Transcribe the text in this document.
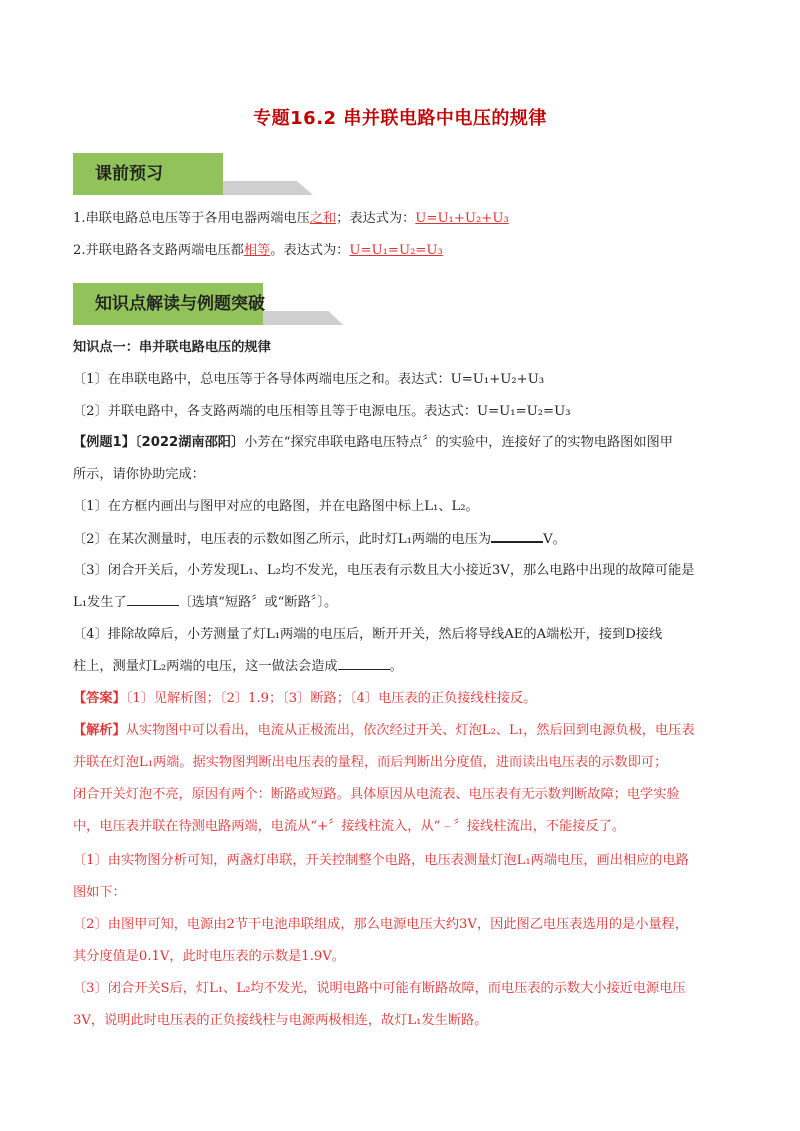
专题16.2 串并联电路中电压的规律
课前预习
1.串联电路总电压等于各用电器两端电压之和；表达式为：U=U₁+U₂+U₃
2.并联电路各支路两端电压都相等。表达式为：U=U₁=U₂=U₃
知识点解读与例题突破
知识点一：串并联电路电压的规律
〔1〕在串联电路中，总电压等于各导体两端电压之和。表达式：U=U₁+U₂+U₃
〔2〕并联电路中，各支路两端的电压相等且等于电源电压。表达式：U=U₁=U₂=U₃
【例题1】〔2022湖南邵阳〕小芳在“探究串联电路电压特点〞的实验中，连接好了的实物电路图如图甲
所示，请你协助完成：
〔1〕在方框内画出与图甲对应的电路图，并在电路图中标上L₁、L₂。
〔2〕在某次测量时，电压表的示数如图乙所示，此时灯L₁两端的电压为	V。
〔3〕闭合开关后，小芳发现L₁、L₂均不发光，电压表有示数且大小接近3V，那么电路中出现的故障可能是
L₁发生了	〔选填“短路〞或“断路〞〕。
〔4〕排除故障后，小芳测量了灯L₁两端的电压后，断开开关，然后将导线AE的A端松开，接到D接线
柱上，测量灯L₂两端的电压，这一做法会造成	。
【答案】〔1〕见解析图；〔2〕1.9；〔3〕断路；〔4〕电压表的正负接线柱接反。
【解析】从实物图中可以看出，电流从正极流出，依次经过开关、灯泡L₂、L₁，然后回到电源负极，电压表
并联在灯泡L₁两端。据实物图判断出电压表的量程，而后判断出分度值，进而读出电压表的示数即可；
闭合开关灯泡不亮，原因有两个：断路或短路。具体原因从电流表、电压表有无示数判断故障；电学实验
中，电压表并联在待测电路两端，电流从“+〞接线柱流入，从“﹣〞接线柱流出，不能接反了。
〔1〕由实物图分析可知，两盏灯串联，开关控制整个电路，电压表测量灯泡L₁两端电压，画出相应的电路
图如下：
〔2〕由图甲可知，电源由2节干电池串联组成，那么电源电压大约3V，因此图乙电压表选用的是小量程，
其分度值是0.1V，此时电压表的示数是1.9V。
〔3〕闭合开关S后，灯L₁、L₂均不发光，说明电路中可能有断路故障，而电压表的示数大小接近电源电压
3V，说明此时电压表的正负接线柱与电源两极相连，故灯L₁发生断路。
